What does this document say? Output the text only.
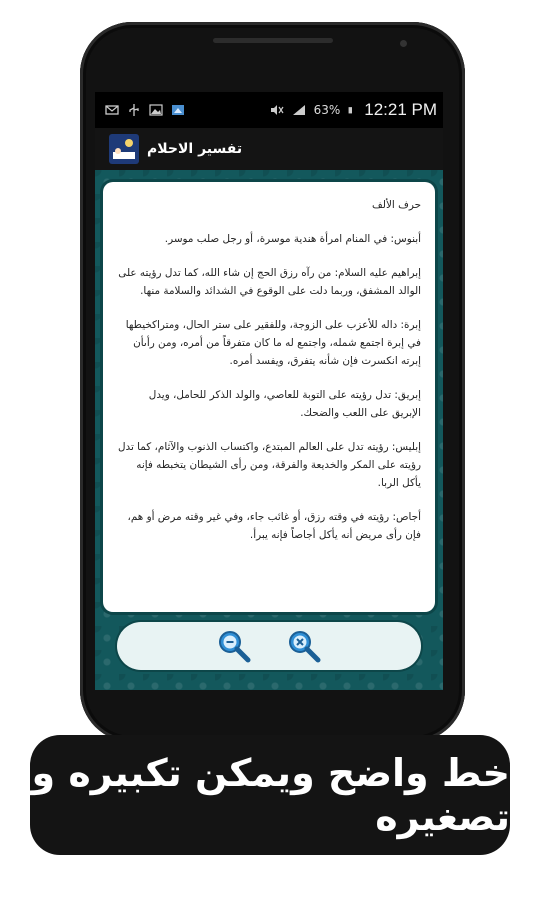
63% 12:21 PM
تفسير الاحلام
حرف الألف
أبنوس: في المنام امرأة هندية موسرة، أو رجل صلب موسر.
إبراهيم عليه السلام: من رآه رزق الحج إن شاء الله، كما تدل رؤيته على الوالد المشفق، وربما دلت على الوقوع في الشدائد والسلامة منها.
إبرة: داله للأعزب على الزوجة، وللفقير على ستر الحال، ومتراكخيطها في إبرة اجتمع شمله، واجتمع له ما كان متفرقاً من أمره، ومن رأىأن إبرته انكسرت فإن شأنه يتفرق، ويفسد أمره.
إبريق: تدل رؤيته على التوبة للعاصي، والولد الذكر للحامل، ويدل الإبريق على اللعب والضحك.
إبليس: رؤيته تدل على العالم المبتدع، واكتساب الذنوب والآثام، كما تدل رؤيته على المكر والخديعة والفرقة، ومن رأى الشيطان يتخبطه فإنه يأكل الربا.
أجاص: رؤيته في وقته رزق، أو غائب جاء، وفي غير وقته مرض أو هم، فإن رأى مريض أنه يأكل أجاصاً فإنه يبرأ.
خط واضح ويمكن تكبيره و تصغيره
